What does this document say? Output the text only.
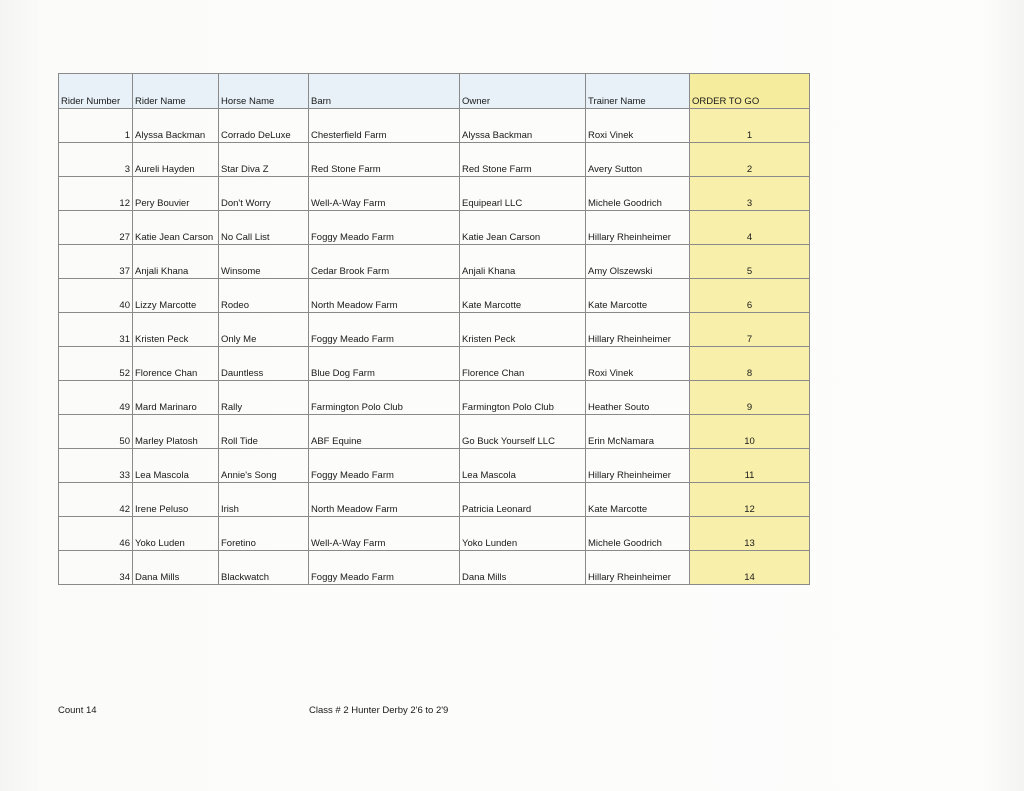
Rider Number	Rider Name	Horse Name	Barn	Owner	Trainer Name	ORDER TO GO
1	Alyssa Backman	Corrado DeLuxe	Chesterfield Farm	Alyssa Backman	Roxi Vinek	1
3	Aureli Hayden	Star Diva Z	Red Stone Farm	Red Stone Farm	Avery Sutton	2
12	Pery Bouvier	Don't Worry	Well-A-Way Farm	Equipearl LLC	Michele Goodrich	3
27	Katie Jean Carson	No Call List	Foggy Meado Farm	Katie Jean Carson	Hillary Rheinheimer	4
37	Anjali Khana	Winsome	Cedar Brook Farm	Anjali Khana	Amy Olszewski	5
40	Lizzy Marcotte	Rodeo	North Meadow Farm	Kate Marcotte	Kate Marcotte	6
31	Kristen Peck	Only Me	Foggy Meado Farm	Kristen Peck	Hillary Rheinheimer	7
52	Florence Chan	Dauntless	Blue Dog Farm	Florence Chan	Roxi Vinek	8
49	Mard Marinaro	Rally	Farmington Polo Club	Farmington Polo Club	Heather Souto	9
50	Marley Platosh	Roll Tide	ABF Equine	Go Buck Yourself LLC	Erin McNamara	10
33	Lea Mascola	Annie's Song	Foggy Meado Farm	Lea Mascola	Hillary Rheinheimer	11
42	Irene Peluso	Irish	North Meadow Farm	Patricia Leonard	Kate Marcotte	12
46	Yoko Luden	Foretino	Well-A-Way Farm	Yoko Lunden	Michele Goodrich	13
34	Dana Mills	Blackwatch	Foggy Meado Farm	Dana Mills	Hillary Rheinheimer	14
Count 14	Class # 2 Hunter Derby 2'6 to 2'9
